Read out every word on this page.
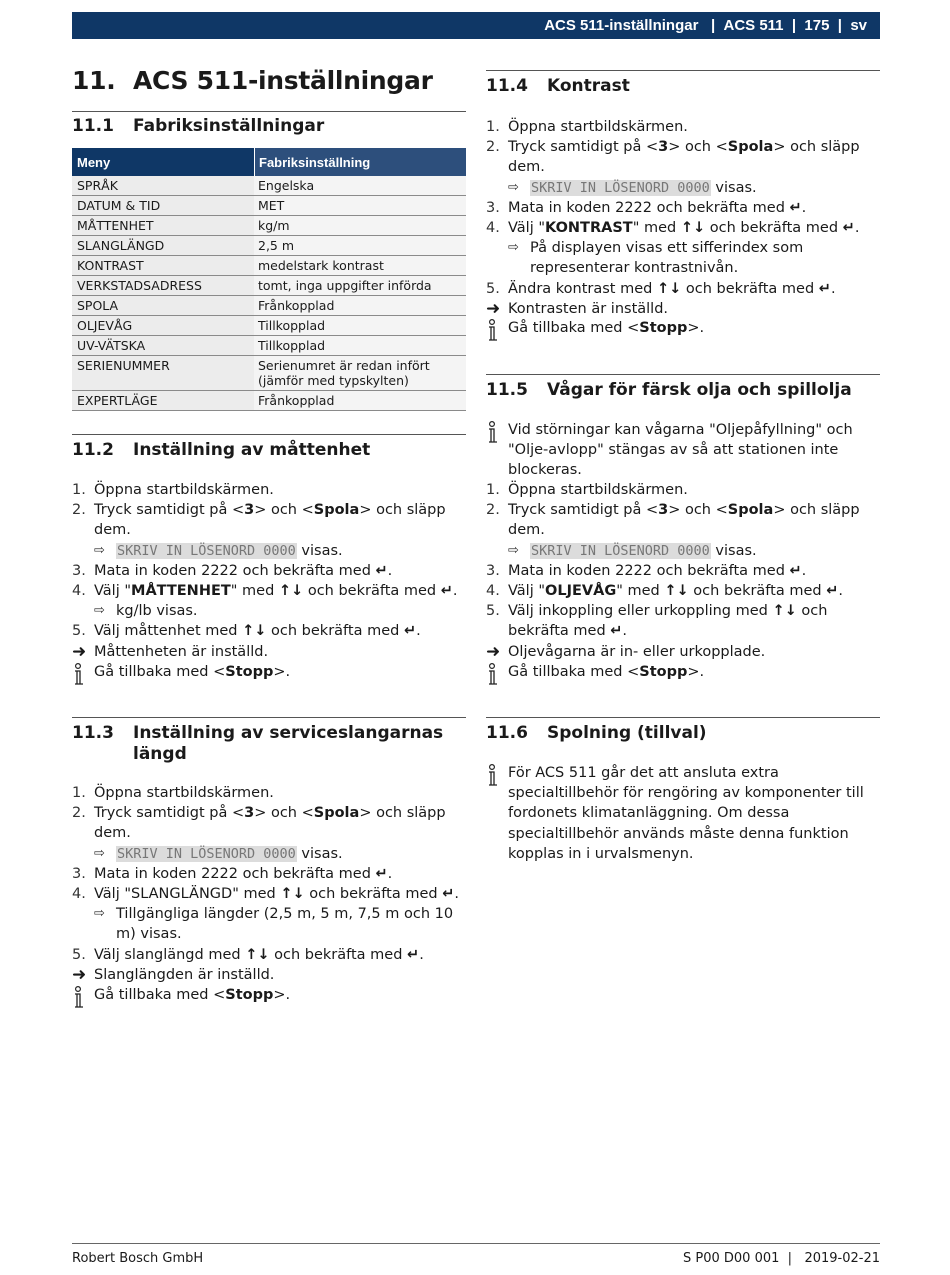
ACS 511-inställningar | ACS 511 | 175 | sv
11. ACS 511-inställningar
11.1	Fabriksinställningar
Meny	Fabriksinställning
SPRÅK	Engelska
DATUM & TID	MET
MÅTTENHET	kg/m
SLANGLÄNGD	2,5 m
KONTRAST	medelstark kontrast
VERKSTADSADRESS	tomt, inga uppgifter införda
SPOLA	Frånkopplad
OLJEVÅG	Tillkopplad
UV-VÄTSKA	Tillkopplad
SERIENUMMER	Serienumret är redan infört (jämför med typskylten)
EXPERTLÄGE	Frånkopplad
11.2	Inställning av måttenhet
1. Öppna startbildskärmen.
2. Tryck samtidigt på <3> och <Spola> och släpp dem.
⇨ SKRIV IN LÖSENORD 0000 visas.
3. Mata in koden 2222 och bekräfta med ↵.
4. Välj "MÅTTENHET" med ↑↓ och bekräfta med ↵.
⇨ kg/lb visas.
5. Välj måttenhet med ↑↓ och bekräfta med ↵.
➜ Måttenheten är inställd.
Gå tillbaka med <Stopp>.
11.3	Inställning av serviceslangarnas längd
1. Öppna startbildskärmen.
2. Tryck samtidigt på <3> och <Spola> och släpp dem.
⇨ SKRIV IN LÖSENORD 0000 visas.
3. Mata in koden 2222 och bekräfta med ↵.
4. Välj "SLANGLÄNGD" med ↑↓ och bekräfta med ↵.
⇨ Tillgängliga längder (2,5 m, 5 m, 7,5 m och 10 m) visas.
5. Välj slanglängd med ↑↓ och bekräfta med ↵.
➜ Slanglängden är inställd.
Gå tillbaka med <Stopp>.
11.4	Kontrast
1. Öppna startbildskärmen.
2. Tryck samtidigt på <3> och <Spola> och släpp dem.
⇨ SKRIV IN LÖSENORD 0000 visas.
3. Mata in koden 2222 och bekräfta med ↵.
4. Välj "KONTRAST" med ↑↓ och bekräfta med ↵.
⇨ På displayen visas ett sifferindex som representerar kontrastnivån.
5. Ändra kontrast med ↑↓ och bekräfta med ↵.
➜ Kontrasten är inställd.
Gå tillbaka med <Stopp>.
11.5	Vågar för färsk olja och spillolja
Vid störningar kan vågarna "Oljepåfyllning" och "Olje-avlopp" stängas av så att stationen inte blockeras.
1. Öppna startbildskärmen.
2. Tryck samtidigt på <3> och <Spola> och släpp dem.
⇨ SKRIV IN LÖSENORD 0000 visas.
3. Mata in koden 2222 och bekräfta med ↵.
4. Välj "OLJEVÅG" med ↑↓ och bekräfta med ↵.
5. Välj inkoppling eller urkoppling med ↑↓ och bekräfta med ↵.
➜ Oljevågarna är in- eller urkopplade.
Gå tillbaka med <Stopp>.
11.6	Spolning (tillval)
För ACS 511 går det att ansluta extra specialtillbehör för rengöring av komponenter till fordonets klimatanläggning. Om dessa specialtillbehör används måste denna funktion kopplas in i urvalsmenyn.
Robert Bosch GmbH	S P00 D00 001  |   2019-02-21
